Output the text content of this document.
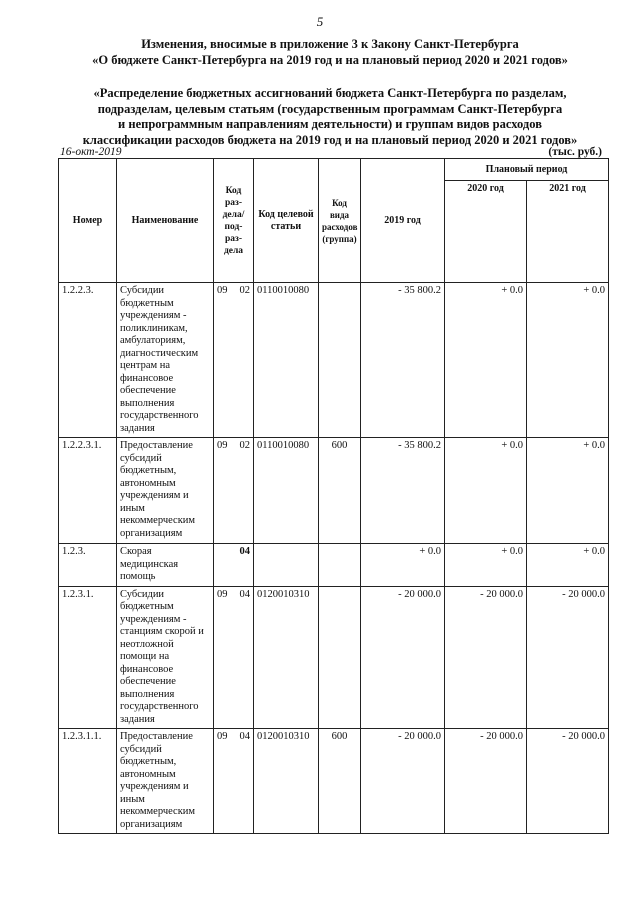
5
Изменения, вносимые в приложение 3 к Закону Санкт-Петербурга
«О бюджете Санкт-Петербурга на 2019 год и на плановый период 2020 и 2021 годов»
«Распределение бюджетных ассигнований бюджета Санкт-Петербурга по разделам,
подразделам, целевым статьям (государственным программам Санкт-Петербурга
и непрограммным направлениям деятельности) и группам видов расходов
классификации расходов бюджета на 2019 год и на плановый период 2020 и 2021 годов»
16-окт-2019	(тыс. руб.)
Номер	Наименование	Код раз-дела/ под-раз-дела	Код целевой статьи	Код вида расходов (группа)	2019 год	Плановый период	
						2020 год	2021 год
1.2.2.3.	Субсидии бюджетным учреждениям - поликлиникам, амбулаториям, диагностическим центрам на финансовое обеспечение выполнения государственного задания	09 02	0110010080		- 35 800.2	+ 0.0	+ 0.0
1.2.2.3.1.	Предоставление субсидий бюджетным, автономным учреждениям и иным некоммерческим организациям	09 02	0110010080	600	- 35 800.2	+ 0.0	+ 0.0
1.2.3.	Скорая медицинская помощь	04			+ 0.0	+ 0.0	+ 0.0
1.2.3.1.	Субсидии бюджетным учреждениям - станциям скорой и неотложной помощи на финансовое обеспечение выполнения государственного задания	09 04	0120010310		- 20 000.0	- 20 000.0	- 20 000.0
1.2.3.1.1.	Предоставление субсидий бюджетным, автономным учреждениям и иным некоммерческим организациям	09 04	0120010310	600	- 20 000.0	- 20 000.0	- 20 000.0
